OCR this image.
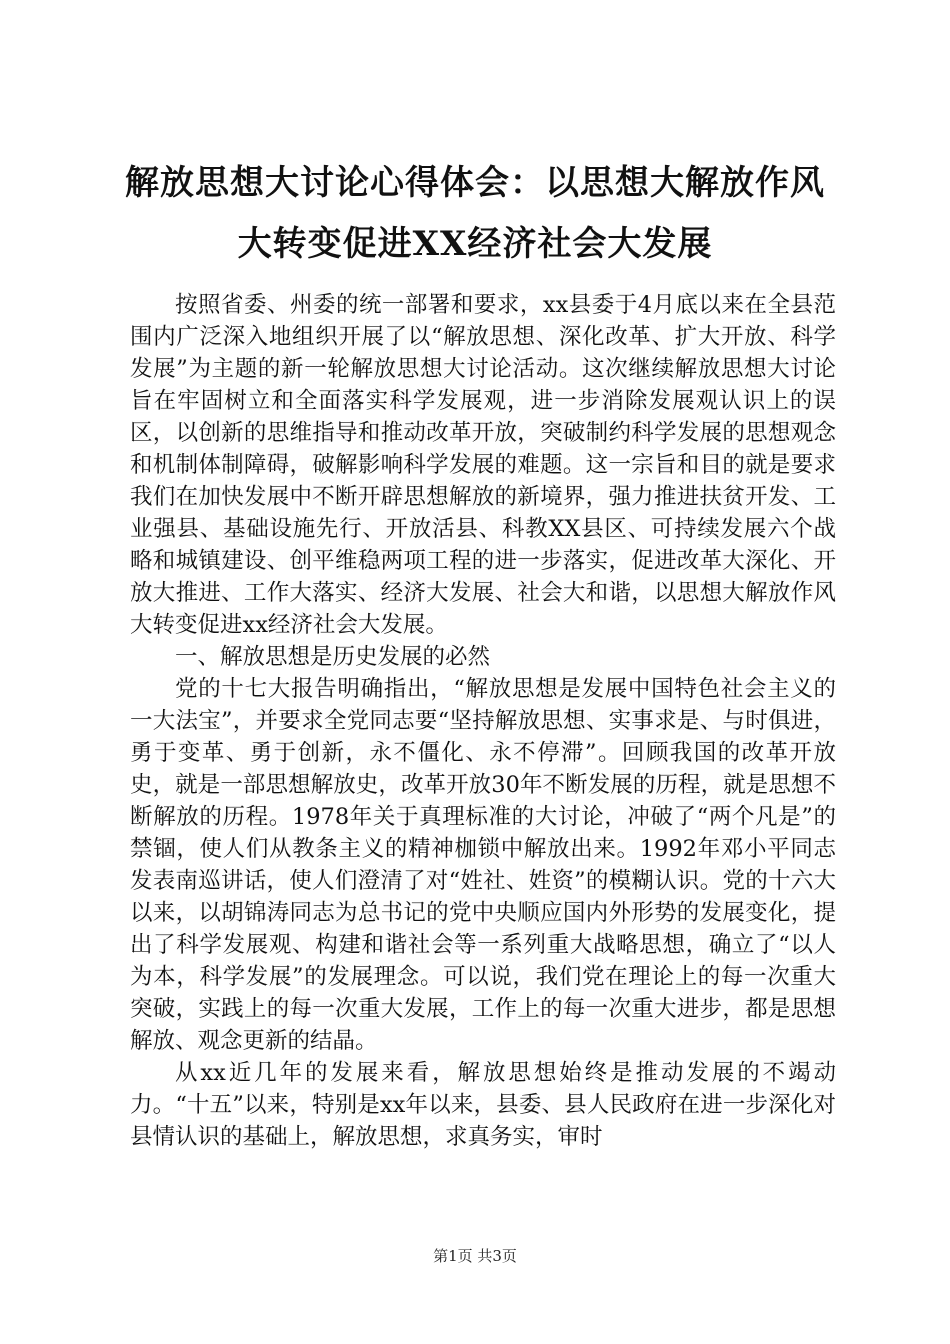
解放思想大讨论心得体会：以思想大解放作风
大转变促进XX经济社会大发展

按照省委、州委的统一部署和要求，xx县委于4月底以来在全县范围内广泛深入地组织开展了以“解放思想、深化改革、扩大开放、科学发展”为主题的新一轮解放思想大讨论活动。这次继续解放思想大讨论旨在牢固树立和全面落实科学发展观，进一步消除发展观认识上的误区，以创新的思维指导和推动改革开放，突破制约科学发展的思想观念和机制体制障碍，破解影响科学发展的难题。这一宗旨和目的就是要求我们在加快发展中不断开辟思想解放的新境界，强力推进扶贫开发、工业强县、基础设施先行、开放活县、科教XX县区、可持续发展六个战略和城镇建设、创平维稳两项工程的进一步落实，促进改革大深化、开放大推进、工作大落实、经济大发展、社会大和谐，以思想大解放作风大转变促进xx经济社会大发展。

一、解放思想是历史发展的必然

党的十七大报告明确指出，“解放思想是发展中国特色社会主义的一大法宝”，并要求全党同志要“坚持解放思想、实事求是、与时俱进，勇于变革、勇于创新，永不僵化、永不停滞”。回顾我国的改革开放史，就是一部思想解放史，改革开放30年不断发展的历程，就是思想不断解放的历程。1978年关于真理标准的大讨论，冲破了“两个凡是”的禁锢，使人们从教条主义的精神枷锁中解放出来。1992年邓小平同志发表南巡讲话，使人们澄清了对“姓社、姓资”的模糊认识。党的十六大以来，以胡锦涛同志为总书记的党中央顺应国内外形势的发展变化，提出了科学发展观、构建和谐社会等一系列重大战略思想，确立了“以人为本，科学发展”的发展理念。可以说，我们党在理论上的每一次重大突破，实践上的每一次重大发展，工作上的每一次重大进步，都是思想解放、观念更新的结晶。

从xx近几年的发展来看，解放思想始终是推动发展的不竭动力。“十五”以来，特别是xx年以来，县委、县人民政府在进一步深化对县情认识的基础上，解放思想，求真务实，审时

第1页 共3页
